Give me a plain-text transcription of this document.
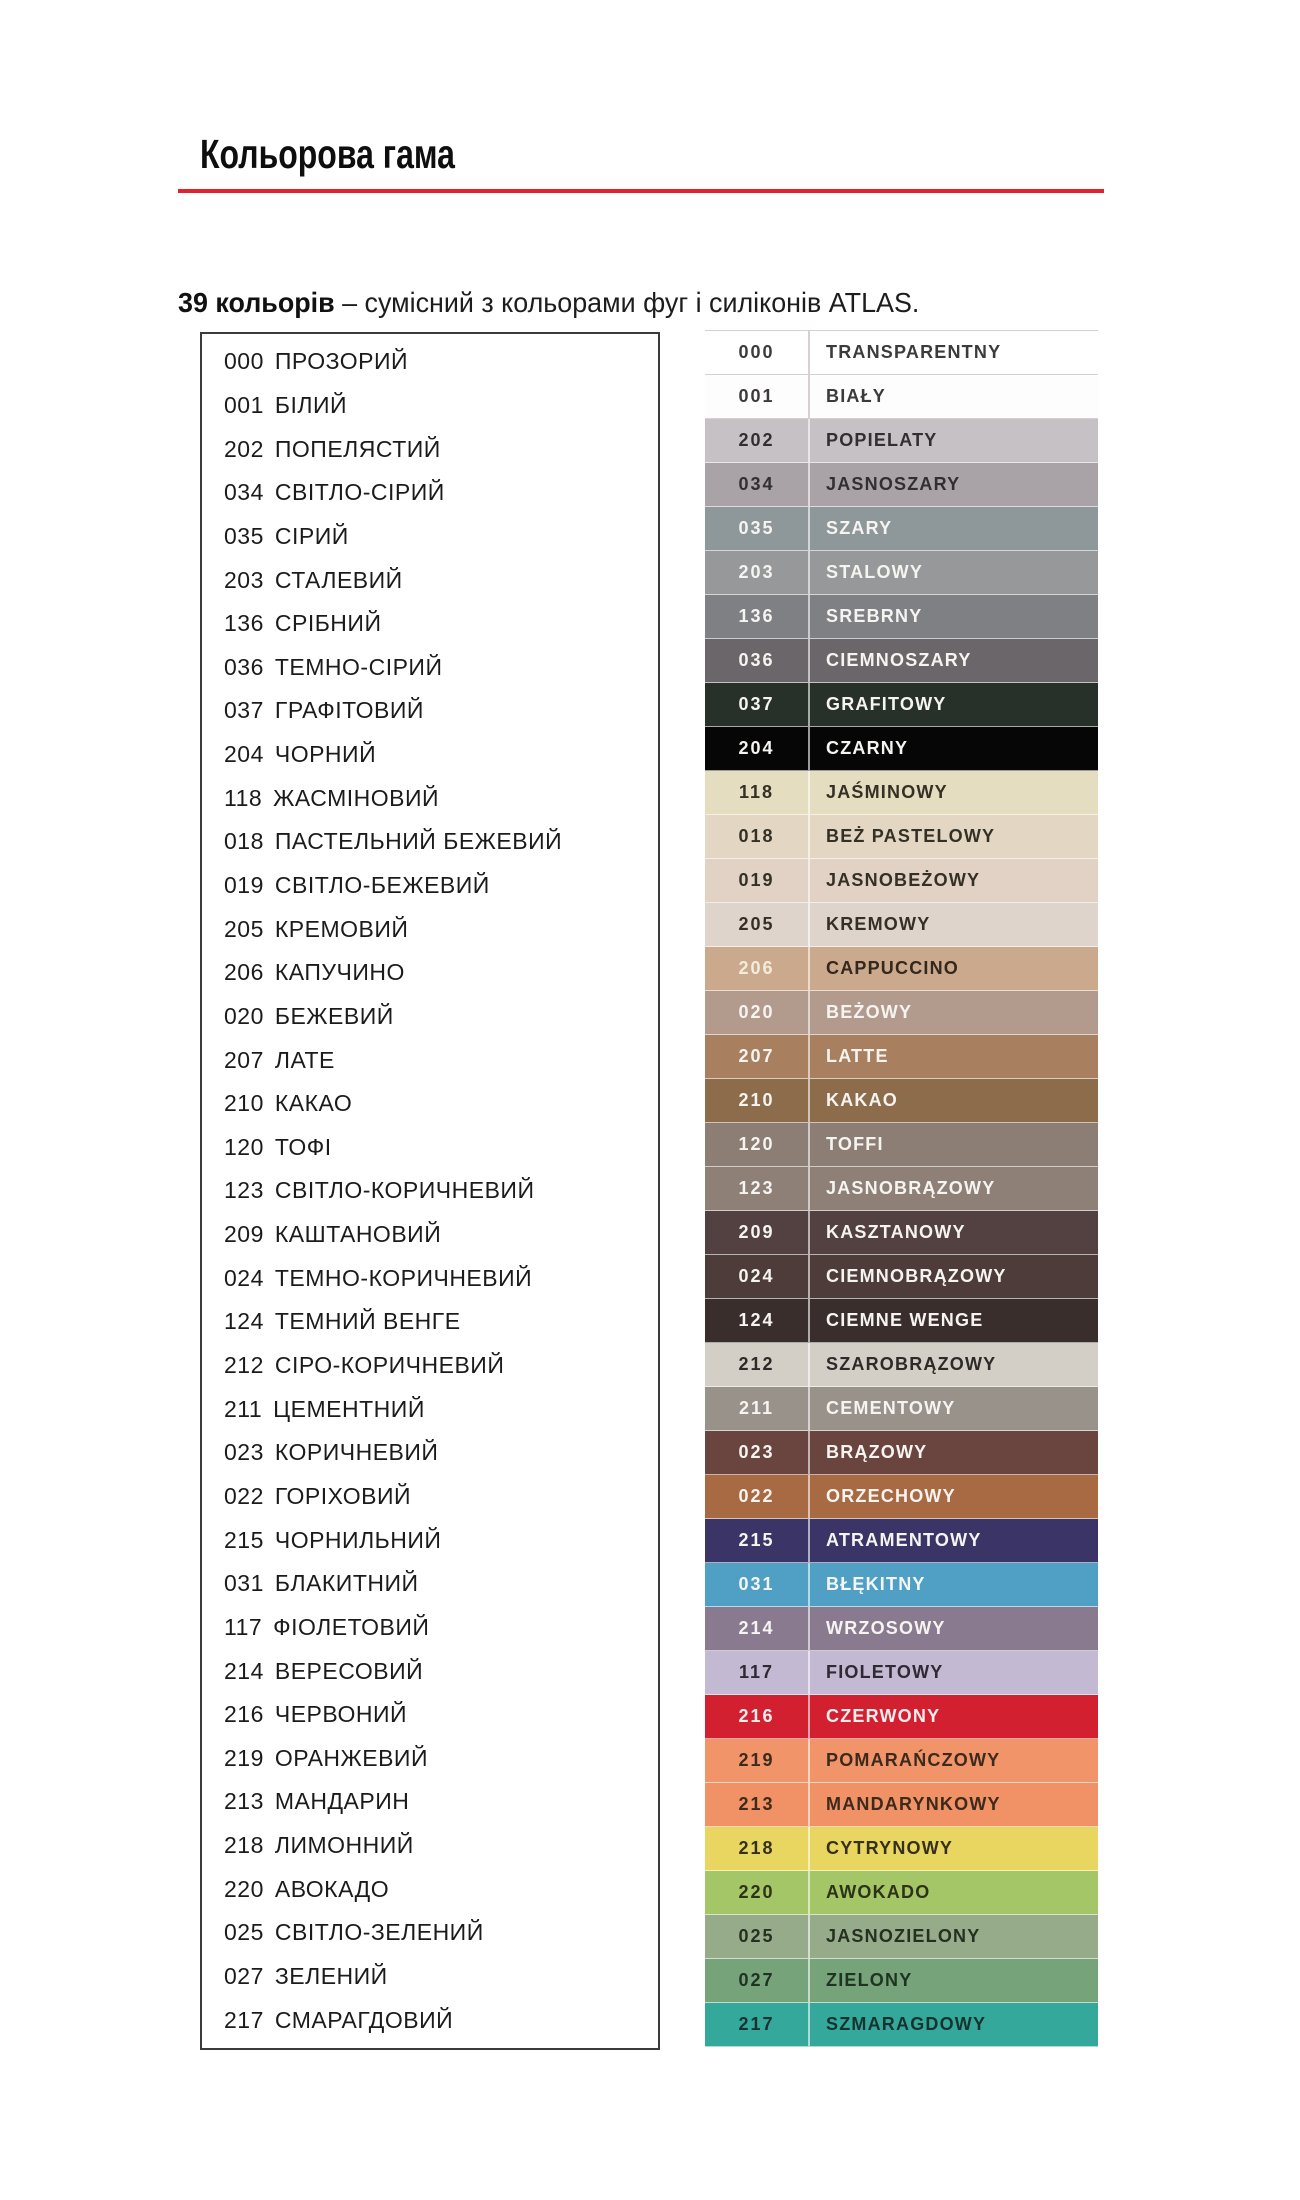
Кольорова гама

39 кольорів – сумісний з кольорами фуг і силіконів ATLAS.

000 ПРОЗОРИЙ
001 БІЛИЙ
202 ПОПЕЛЯСТИЙ
034 СВІТЛО-СІРИЙ
035 СІРИЙ
203 СТАЛЕВИЙ
136 СРІБНИЙ
036 ТЕМНО-СІРИЙ
037 ГРАФІТОВИЙ
204 ЧОРНИЙ
118 ЖАСМІНОВИЙ
018 ПАСТЕЛЬНИЙ БЕЖЕВИЙ
019 СВІТЛО-БЕЖЕВИЙ
205 КРЕМОВИЙ
206 КАПУЧИНО
020 БЕЖЕВИЙ
207 ЛАТЕ
210 КАКАО
120 ТОФІ
123 СВІТЛО-КОРИЧНЕВИЙ
209 КАШТАНОВИЙ
024 ТЕМНО-КОРИЧНЕВИЙ
124 ТЕМНИЙ ВЕНГЕ
212 СІРО-КОРИЧНЕВИЙ
211 ЦЕМЕНТНИЙ
023 КОРИЧНЕВИЙ
022 ГОРІХОВИЙ
215 ЧОРНИЛЬНИЙ
031 БЛАКИТНИЙ
117 ФІОЛЕТОВИЙ
214 ВЕРЕСОВИЙ
216 ЧЕРВОНИЙ
219 ОРАНЖЕВИЙ
213 МАНДАРИН
218 ЛИМОННИЙ
220 АВОКАДО
025 СВІТЛО-ЗЕЛЕНИЙ
027 ЗЕЛЕНИЙ
217 СМАРАГДОВИЙ
000	TRANSPARENTNY
001	BIAŁY
202	POPIELATY
034	JASNOSZARY
035	SZARY
203	STALOWY
136	SREBRNY
036	CIEMNOSZARY
037	GRAFITOWY
204	CZARNY
118	JAŚMINOWY
018	BEŻ PASTELOWY
019	JASNOBEŻOWY
205	KREMOWY
206	CAPPUCCINO
020	BEŻOWY
207	LATTE
210	KAKAO
120	TOFFI
123	JASNOBRĄZOWY
209	KASZTANOWY
024	CIEMNOBRĄZOWY
124	CIEMNE WENGE
212	SZAROBRĄZOWY
211	CEMENTOWY
023	BRĄZOWY
022	ORZECHOWY
215	ATRAMENTOWY
031	BŁĘKITNY
214	WRZOSOWY
117	FIOLETOWY
216	CZERWONY
219	POMARAŃCZOWY
213	MANDARYNKOWY
218	CYTRYNOWY
220	AWOKADO
025	JASNOZIELONY
027	ZIELONY
217	SZMARAGDOWY
